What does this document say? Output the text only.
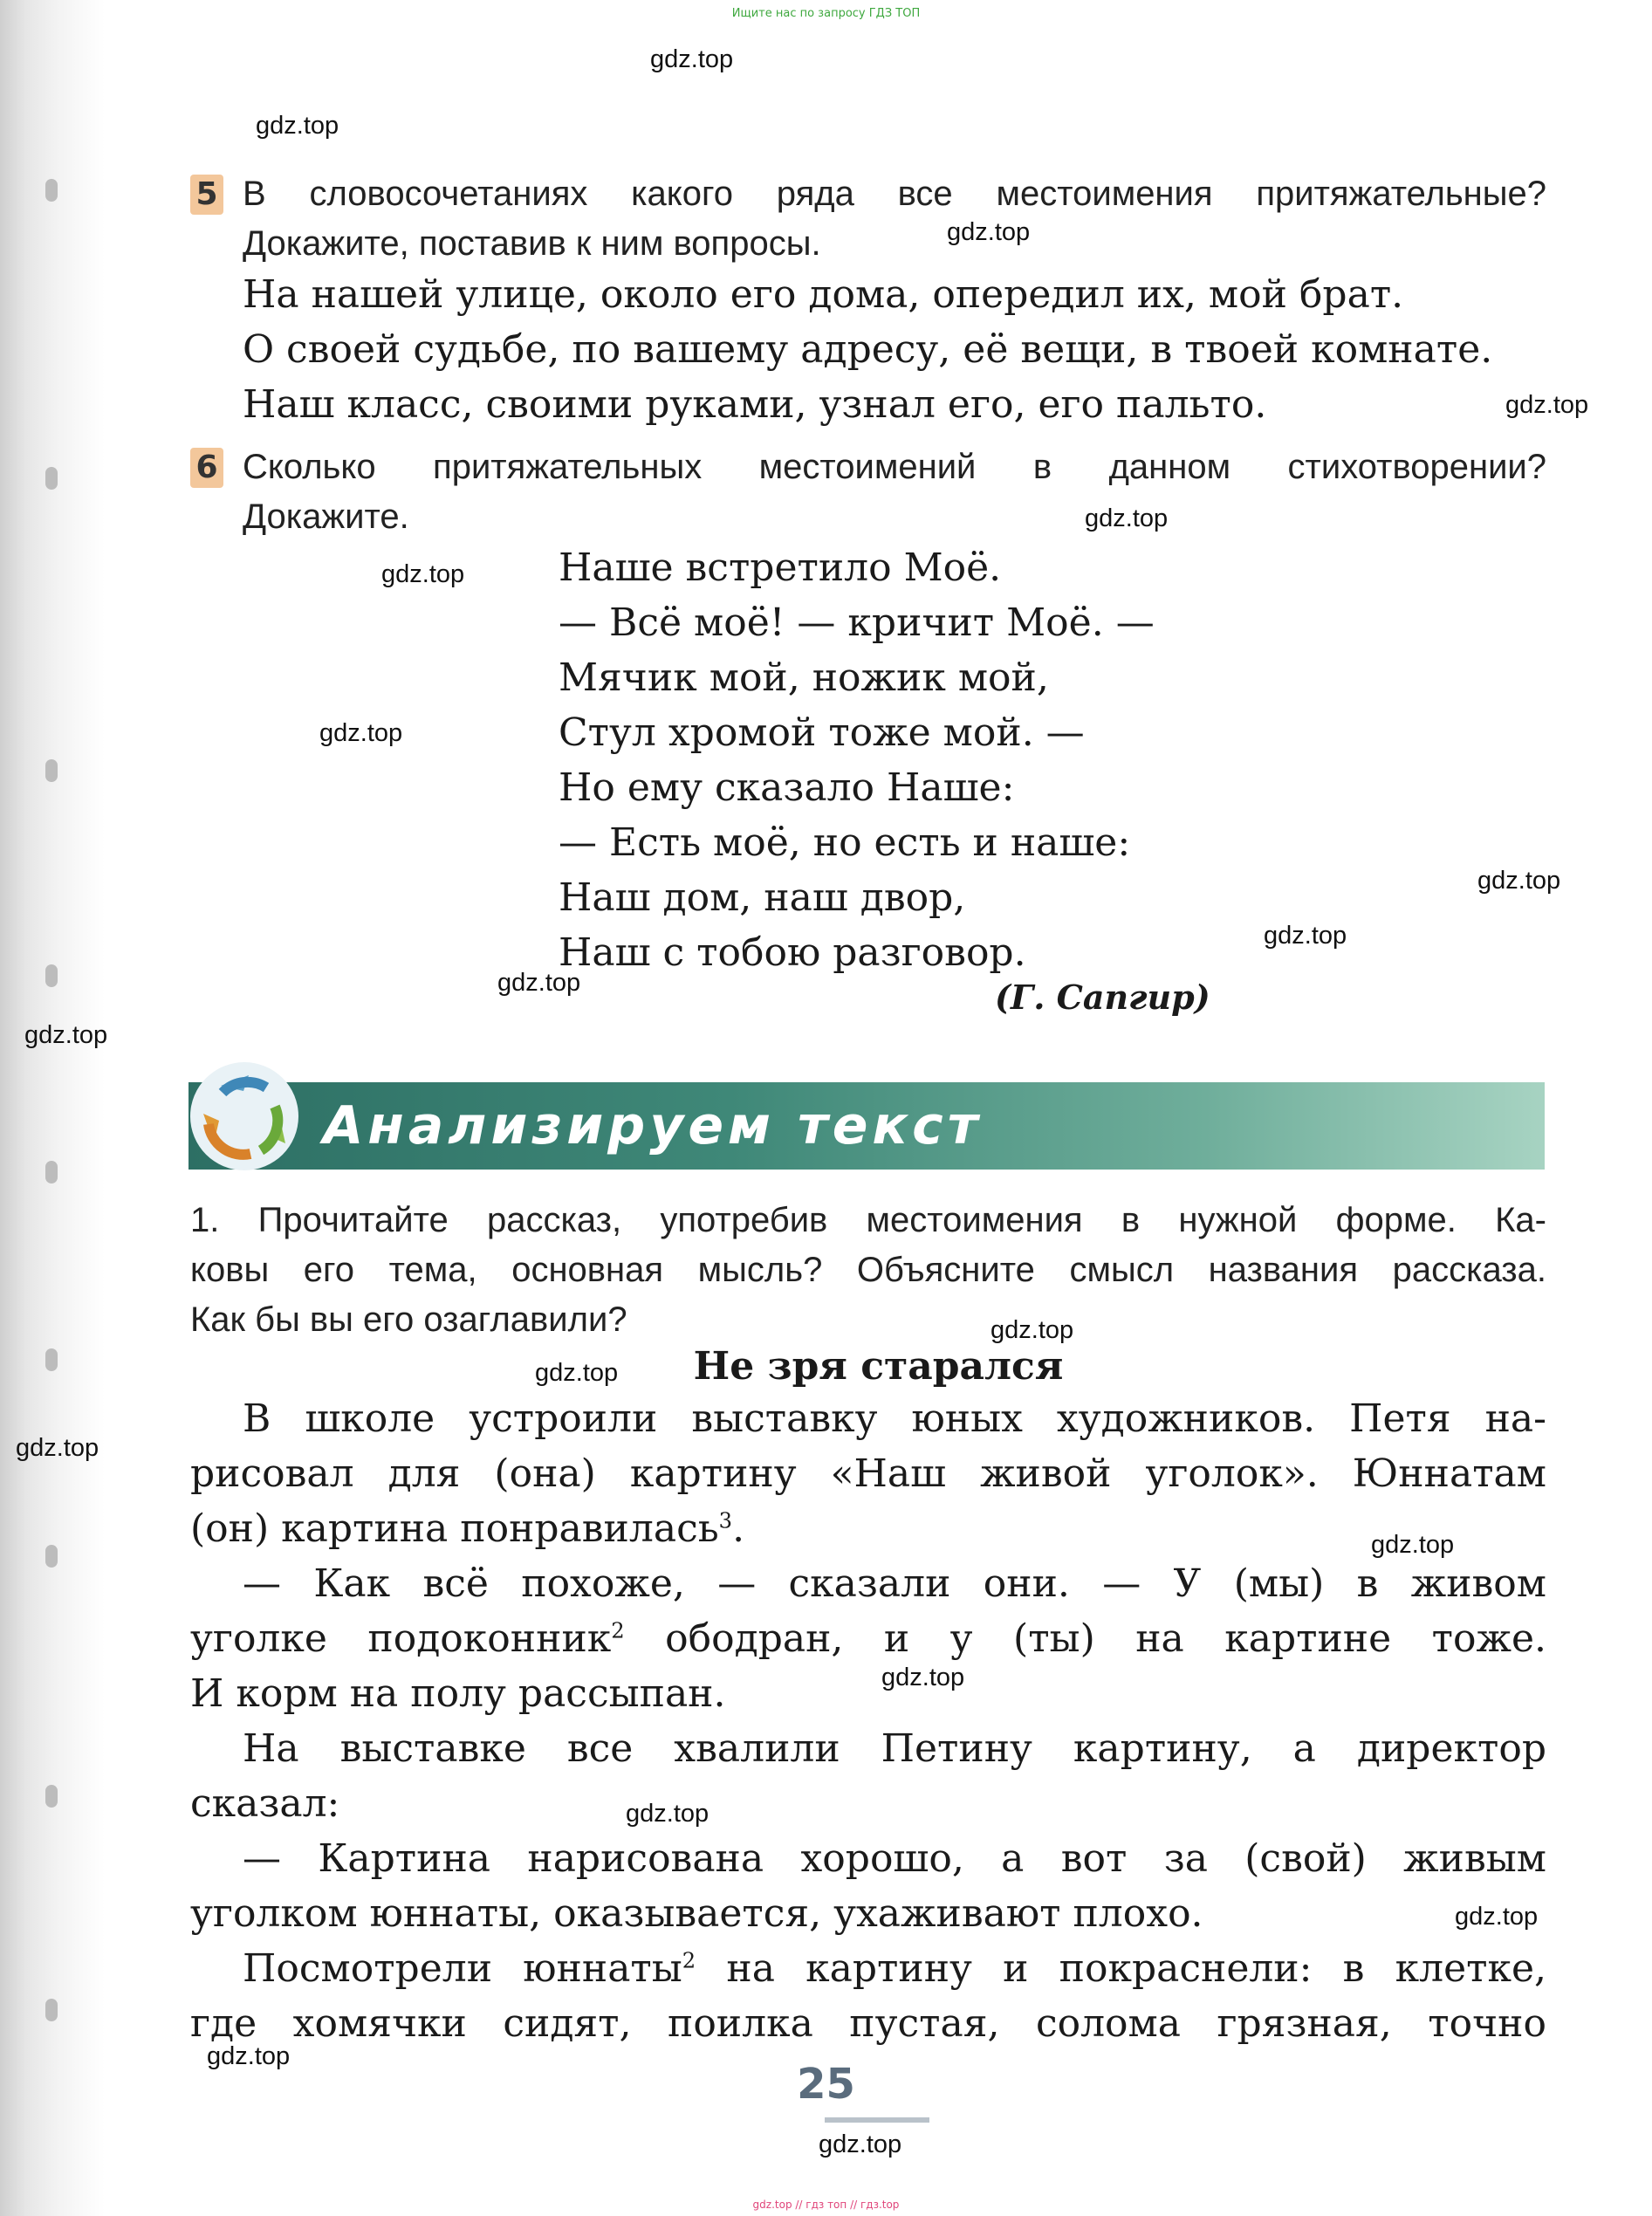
Ищите нас по запросу ГДЗ ТОП
5 В словосочетаниях какого ряда все местоимения притяжательные?
Докажите, поставив к ним вопросы.
На нашей улице, около его дома, опередил их, мой брат.
О своей судьбе, по вашему адресу, её вещи, в твоей комнате.
Наш класс, своими руками, узнал его, его пальто.
6 Сколько притяжательных местоимений в данном стихотворении?
Докажите.
Наше встретило Моё.
— Всё моё! — кричит Моё. —
Мячик мой, ножик мой,
Стул хромой тоже мой. —
Но ему сказало Наше:
— Есть моё, но есть и наше:
Наш дом, наш двор,
Наш с тобою разговор.
(Г. Сапгир)
Анализируем текст
1. Прочитайте рассказ, употребив местоимения в нужной форме. Ка-
ковы его тема, основная мысль? Объясните смысл названия рассказа.
Как бы вы его озаглавили?
Не зря старался
В школе устроили выставку юных художников. Петя на-
рисовал для (она) картину «Наш живой уголок». Юннатам
(он) картина понравилась$^3$.
— Как всё похоже, — сказали они. — У (мы) в живом
уголке подоконник$^2$ ободран, и у (ты) на картине тоже.
И корм на полу рассыпан.
На выставке все хвалили Петину картину, а директор
сказал:
— Картина нарисована хорошо, а вот за (свой) живым
уголком юннаты, оказывается, ухаживают плохо.
Посмотрели юннаты$^2$ на картину и покраснели: в клетке,
где хомячки сидят, поилка пустая, солома грязная, точно
25
gdz.top
gdz.top
gdz.top
gdz.top
gdz.top
gdz.top
gdz.top
gdz.top
gdz.top
gdz.top
gdz.top
gdz.top
gdz.top
gdz.top
gdz.top
gdz.top
gdz.top
gdz.top
gdz.top
gdz.top
gdz.top // гдз топ // гдз.top
